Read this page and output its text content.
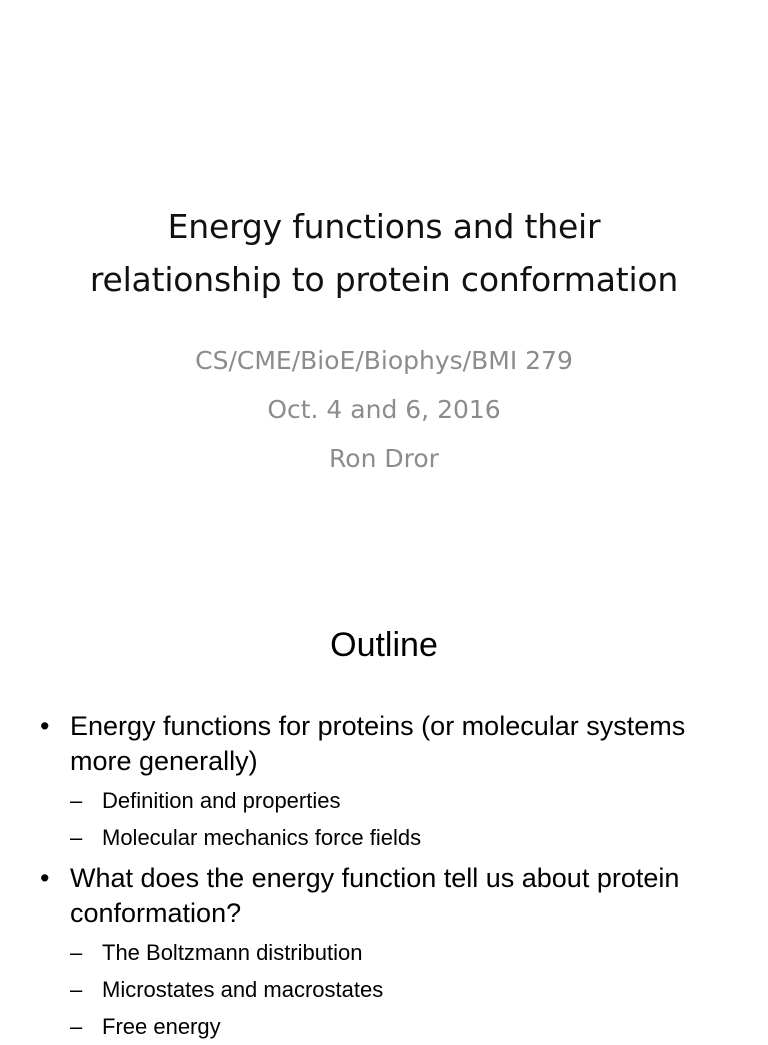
Energy functions and their
relationship to protein conformation
CS/CME/BioE/Biophys/BMI 279
Oct. 4 and 6, 2016
Ron Dror
Outline
• Energy functions for proteins (or molecular systems more generally)
– Definition and properties
– Molecular mechanics force fields
• What does the energy function tell us about protein conformation?
– The Boltzmann distribution
– Microstates and macrostates
– Free energy
